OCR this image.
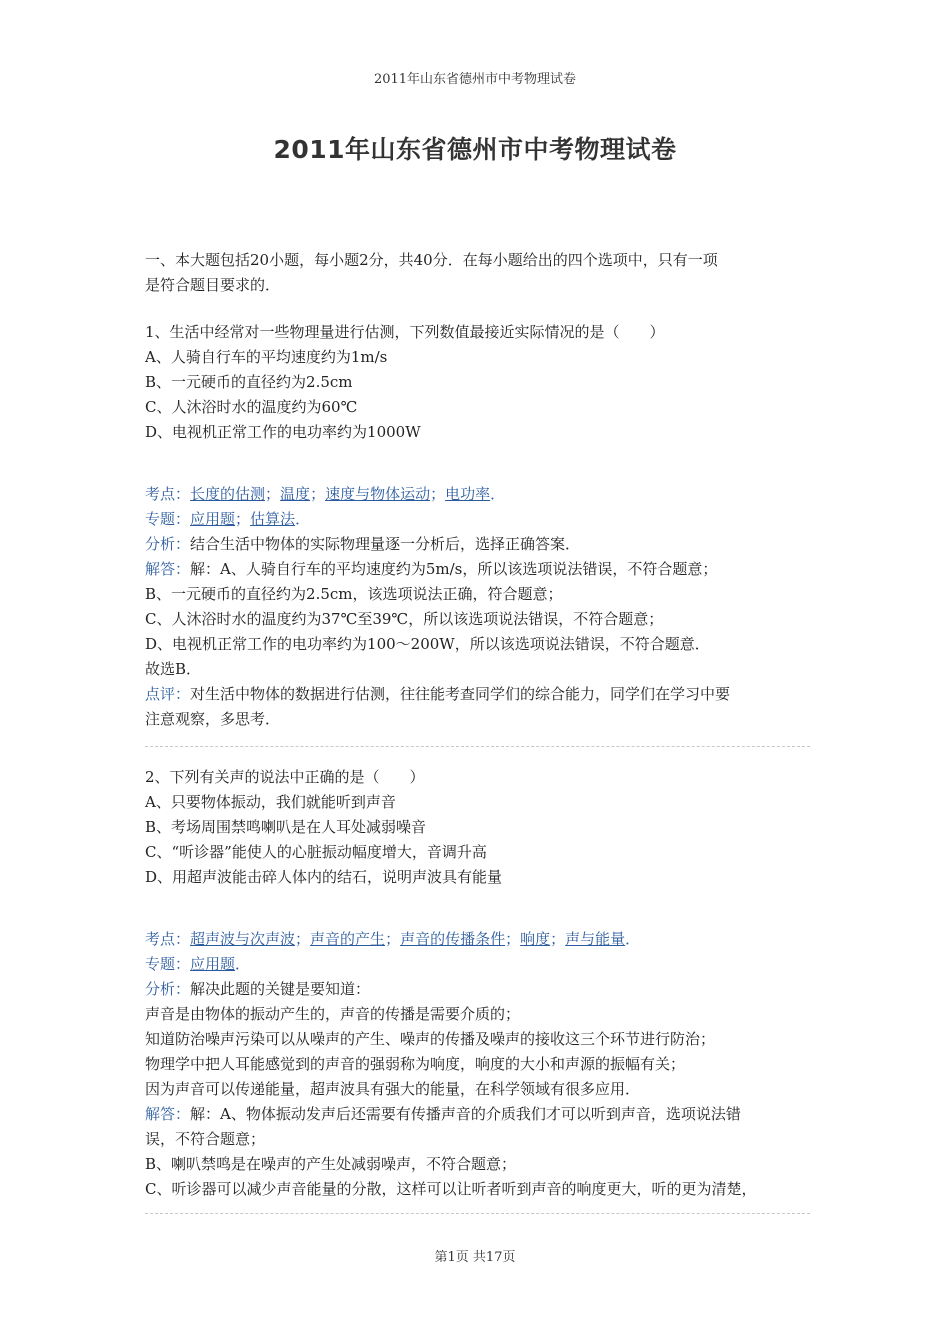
2011年山东省德州市中考物理试卷
2011年山东省德州市中考物理试卷
一、本大题包括20小题，每小题2分，共40分．在每小题给出的四个选项中，只有一项
是符合题目要求的．
1、生活中经常对一些物理量进行估测，下列数值最接近实际情况的是（　　）
A、人骑自行车的平均速度约为1m/s
B、一元硬币的直径约为2.5cm
C、人沐浴时水的温度约为60℃
D、电视机正常工作的电功率约为1000W
考点：长度的估测；温度；速度与物体运动；电功率．
专题：应用题；估算法．
分析：结合生活中物体的实际物理量逐一分析后，选择正确答案．
解答：解：A、人骑自行车的平均速度约为5m/s，所以该选项说法错误，不符合题意；
B、一元硬币的直径约为2.5cm，该选项说法正确，符合题意；
C、人沐浴时水的温度约为37℃至39℃，所以该选项说法错误，不符合题意；
D、电视机正常工作的电功率约为100～200W，所以该选项说法错误，不符合题意．
故选B．
点评：对生活中物体的数据进行估测，往往能考查同学们的综合能力，同学们在学习中要
注意观察，多思考．
2、下列有关声的说法中正确的是（　　）
A、只要物体振动，我们就能听到声音
B、考场周围禁鸣喇叭是在人耳处减弱噪音
C、“听诊器”能使人的心脏振动幅度增大，音调升高
D、用超声波能击碎人体内的结石，说明声波具有能量
考点：超声波与次声波；声音的产生；声音的传播条件；响度；声与能量．
专题：应用题．
分析：解决此题的关键是要知道：
声音是由物体的振动产生的，声音的传播是需要介质的；
知道防治噪声污染可以从噪声的产生、噪声的传播及噪声的接收这三个环节进行防治；
物理学中把人耳能感觉到的声音的强弱称为响度，响度的大小和声源的振幅有关；
因为声音可以传递能量，超声波具有强大的能量，在科学领域有很多应用．
解答：解：A、物体振动发声后还需要有传播声音的介质我们才可以听到声音，选项说法错
误，不符合题意；
B、喇叭禁鸣是在噪声的产生处减弱噪声，不符合题意；
C、听诊器可以减少声音能量的分散，这样可以让听者听到声音的响度更大，听的更为清楚，
第1页 共17页
